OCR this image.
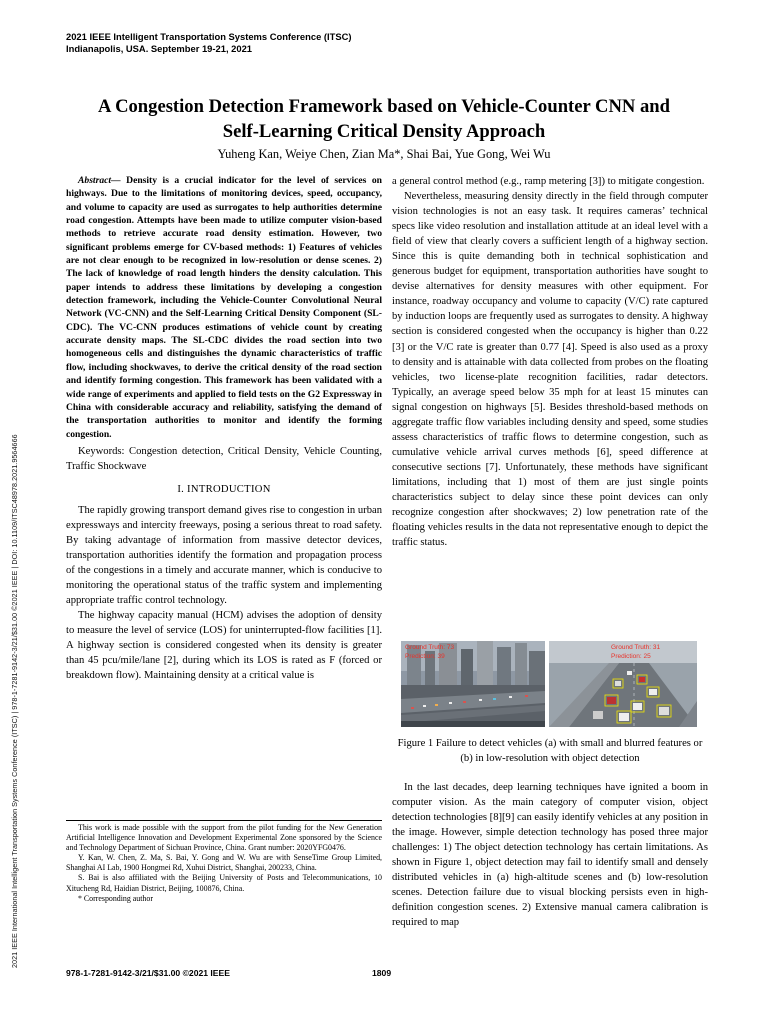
2021 IEEE Intelligent Transportation Systems Conference (ITSC)
Indianapolis, USA. September 19-21, 2021
2021 IEEE International Intelligent Transportation Systems Conference (ITSC) | 978-1-7281-9142-3/21/$31.00 ©2021 IEEE | DOI: 10.1109/ITSC48978.2021.9564666
A Congestion Detection Framework based on Vehicle-Counter CNN and
Self-Learning Critical Density Approach
Yuheng Kan, Weiye Chen, Zian Ma*, Shai Bai, Yue Gong, Wei Wu

Abstract— Density is a crucial indicator for the level of services on highways. Due to the limitations of monitoring devices, speed, occupancy, and volume to capacity are used as surrogates to help authorities determine road congestion. Attempts have been made to utilize computer vision-based methods to retrieve accurate road density estimation. However, two significant problems emerge for CV-based methods: 1) Features of vehicles are not clear enough to be recognized in low-resolution or dense scenes. 2) The lack of knowledge of road length hinders the density calculation. This paper intends to address these limitations by developing a congestion detection framework, including the Vehicle-Counter Convolutional Neural Network (VC-CNN) and the Self-Learning Critical Density Component (SL-CDC). The VC-CNN produces estimations of vehicle count by creating accurate density maps. The SL-CDC divides the road section into two homogeneous cells and distinguishes the dynamic characteristics of traffic flow, including shockwaves, to derive the critical density of the road section and identify forming congestion. This framework has been validated with a wide range of experiments and applied to field tests on the G2 Expressway in China with considerable accuracy and reliability, satisfying the demand of the transportation authorities to monitor and identify the forming congestion.

Keywords: Congestion detection, Critical Density, Vehicle Counting, Traffic Shockwave

I. INTRODUCTION

The rapidly growing transport demand gives rise to congestion in urban expressways and intercity freeways, posing a serious threat to road safety. By taking advantage of information from massive detector devices, transportation authorities identify the formation and propagation process of the congestions in a timely and accurate manner, which is conducive to monitoring the operational status of the traffic system and implementing appropriate traffic control technology.

The highway capacity manual (HCM) advises the adoption of density to measure the level of service (LOS) for uninterrupted-flow facilities [1]. A highway section is considered congested when its density is greater than 45 pcu/mile/lane [2], during which its LOS is rated as F (forced or breakdown flow). Maintaining density at a critical value is

This work is made possible with the support from the pilot funding for the New Generation Artificial Intelligence Innovation and Development Experimental Zone sponsored by the Science and Technology Department of Sichuan Province, China. Grant number: 2020YFG0476.

Y. Kan, W. Chen, Z. Ma, S. Bai, Y. Gong and W. Wu are with SenseTime Group Limited, Shanghai AI Lab, 1900 Hongmei Rd, Xuhui District, Shanghai, 200233, China.

S. Bai is also affiliated with the Beijing University of Posts and Telecommunications, 10 Xitucheng Rd, Haidian District, Beijing, 100876, China.

* Corresponding author

a general control method (e.g., ramp metering [3]) to mitigate congestion.

Nevertheless, measuring density directly in the field through computer vision technologies is not an easy task. It requires cameras’ technical specs like video resolution and installation attitude at an ideal level with a field of view that clearly covers a sufficient length of a highway section. Since this is quite demanding both in technical sophistication and generous budget for equipment, transportation authorities have sought to devise alternatives for density measures with other equipment. For instance, roadway occupancy and volume to capacity (V/C) rate captured by induction loops are frequently used as surrogates to density. A highway section is considered congested when the occupancy is higher than 0.22 [3] or the V/C rate is greater than 0.77 [4]. Speed is also used as a proxy to density and is attainable with data collected from probes on the floating vehicles, two license-plate recognition facilities, radar detectors. Typically, an average speed below 35 mph for at least 15 minutes can signal congestion on highways [5]. Besides threshold-based methods on aggregate traffic flow variables including density and speed, some studies assess characteristics of traffic flows to determine congestion, such as cumulative vehicle arrival curves methods [6], speed difference at consecutive sections [7]. Unfortunately, these methods have significant limitations, including that 1) most of them are just single points characteristics subject to delay since these point devices can only recognize congestion after shockwaves; 2) low penetration rate of the floating vehicles results in the data not representative enough to depict the traffic status.

Ground Truth: 73
Prediction: 39
Ground Truth: 31
Prediction: 25
Figure 1 Failure to detect vehicles (a) with small and blurred features or (b) in low-resolution with object detection

In the last decades, deep learning techniques have ignited a boom in computer vision. As the main category of computer vision, object detection technologies [8][9] can easily identify vehicles at any position in the image. However, simple detection technology has posed three major challenges: 1) The object detection technology has certain limitations. As shown in Figure 1, object detection may fail to identify small and densely distributed vehicles in (a) high-altitude scenes and (b) low-resolution scenes. Detection failure due to visual blocking persists even in high-definition congestion scenes. 2) Extensive manual camera calibration is required to map

978-1-7281-9142-3/21/$31.00 ©2021 IEEE	1809
